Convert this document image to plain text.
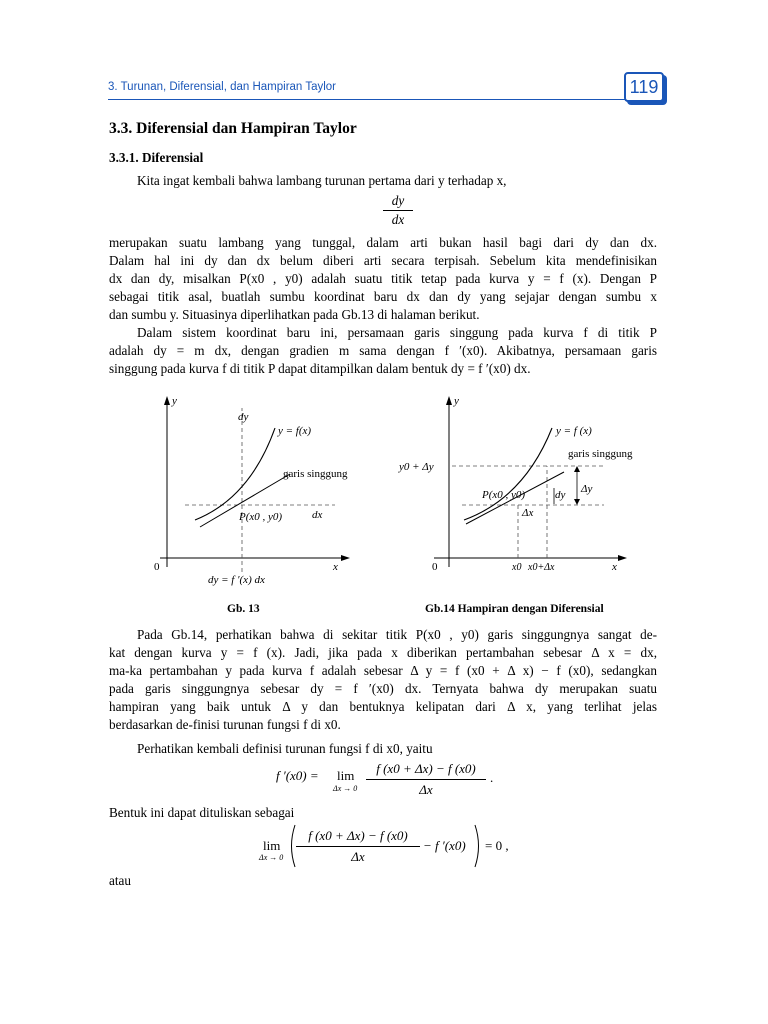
3. Turunan, Diferensial, dan Hampiran Taylor	119
3.3. Diferensial dan Hampiran Taylor
3.3.1. Diferensial
Kita ingat kembali bahwa lambang turunan pertama dari y terhadap x,
dy
dx
merupakan suatu lambang yang tunggal, dalam arti bukan hasil bagi dari dy dan dx.
Dalam hal ini dy dan dx belum diberi arti secara terpisah. Sebelum kita mendefinisikan
dx dan dy, misalkan P(x0 , y0) adalah suatu titik tetap pada kurva y = f (x). Dengan P
sebagai titik asal, buatlah sumbu koordinat baru dx dan dy yang sejajar dengan sumbu x
dan sumbu y. Situasinya diperlihatkan pada Gb.13 di halaman berikut.
Dalam sistem koordinat baru ini, persamaan garis singgung pada kurva f di titik P
adalah dy = m dx, dengan gradien m sama dengan f ′(x0). Akibatnya, persamaan garis
singgung pada kurva f di titik P dapat ditampilkan dalam bentuk dy = f ′(x0) dx.
y
x
0
dy
y = f(x)
garis singgung
P(x0 , y0)	dx
dy = f ′(x) dx
Gb. 13
y
x
0
y0 + Δy
y = f (x)
garis singgung
P(x0 , y0)	dy Δy
Δx
x0 x0+Δx
Gb.14 Hampiran dengan Diferensial
Pada Gb.14, perhatikan bahwa di sekitar titik P(x0 , y0) garis singgungnya sangat de-
kat dengan kurva y = f (x). Jadi, jika pada x diberikan pertambahan sebesar Δ x = dx,
ma-ka pertambahan y pada kurva f adalah sebesar Δ y = f (x0 + Δ x) − f (x0), sedangkan
pada garis singgungnya sebesar dy = f ′(x0) dx. Ternyata bahwa dy merupakan suatu
hampiran yang baik untuk Δ y dan bentuknya kelipatan dari Δ x, yang terlihat jelas
berdasarkan de-finisi turunan fungsi f di x0.
Perhatikan kembali definisi turunan fungsi f di x0, yaitu
f ′(x0) = lim
Δx → 0
f (x0 + Δx) − f (x0)
Δx
.
Bentuk ini dapat dituliskan sebagai
lim
Δx → 0
f (x0 + Δx) − f (x0)
Δx
− f ′(x0) = 0 ,
atau
